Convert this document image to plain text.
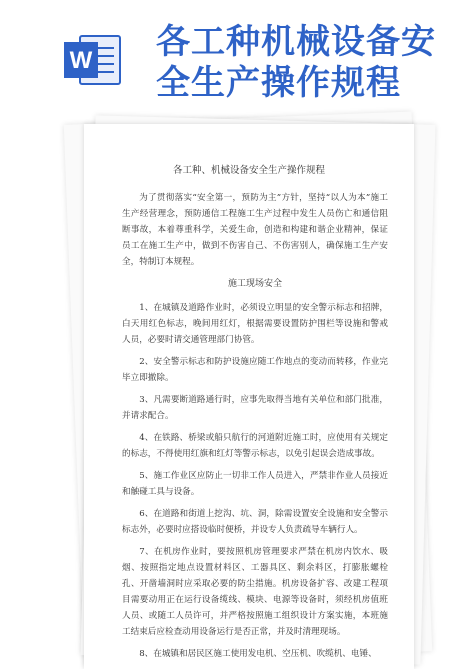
W 各工种机械设备安
全生产操作规程
各工种、机械设备安全生产操作规程

为了贯彻落实“安全第一，预防为主”方针，坚持“以人为本”施工生产经营理念，预防通信工程施工生产过程中发生人员伤亡和通信阻断事故，本着尊重科学，关爱生命，创造和构建和谐企业精神，保证员工在施工生产中，做到不伤害自己、不伤害别人，确保施工生产安全，特制订本规程。

施工现场安全

1、在城镇及道路作业时，必须设立明显的安全警示标志和招牌，白天用红色标志，晚间用红灯，根据需要设置防护围栏等设施和警戒人员，必要时请交通管理部门协管。

2、安全警示标志和防护设施应随工作地点的变动而转移，作业完毕立即撤除。

3、凡需要断道路通行时，应事先取得当地有关单位和部门批准，并请求配合。

4、在铁路、桥梁或船只航行的河道附近施工时，应使用有关规定的标志，不得使用红旗和红灯等警示标志，以免引起误会造成事故。

5、施工作业区应防止一切非工作人员进入，严禁非作业人员接近和触碰工具与设备。

6、在道路和街道上挖沟、坑、洞，除需设置安全设施和安全警示标志外，必要时应搭设临时便桥，并设专人负责疏导车辆行人。

7、在机房作业时，要按照机房管理要求严禁在机房内饮水、吸烟、按照指定地点设置材料区、工器具区、剩余料区，打膨胀螺栓孔、开凿墙洞时应采取必要的防尘措施。机房设备扩容、改建工程项目需要动用正在运行设备缆线、模块、电源等设备时，须经机房值班人员、或随工人员许可，并严格按照施工组织设计方案实施，本班施工结束后应检查动用设备运行是否正常，并及时清理现场。

8、在城镇和居民区施工使用发电机、空压机、吹缆机、电锤、
